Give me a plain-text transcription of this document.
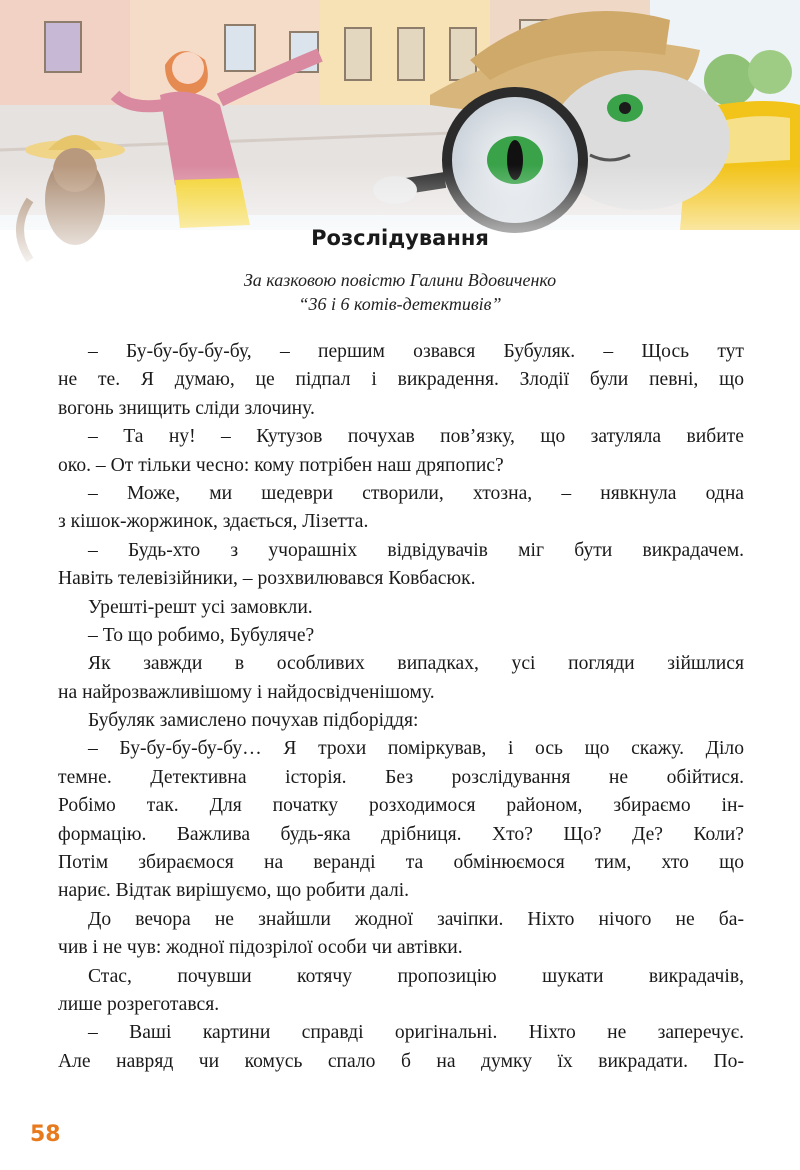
Розслідування
За казковою повістю Галини Вдовиченко
“36 і 6 котів-детективів”
– Бу-бу-бу-бу-бу, – першим озвався Бубуляк. – Щось тут
не те. Я думаю, це підпал і викрадення. Злодії були певні, що
вогонь знищить сліди злочину.
– Та ну! – Кутузов почухав пов’язку, що затуляла вибите
око. – От тільки чесно: кому потрібен наш дряпопис?
– Може, ми шедеври створили, хтозна, – нявкнула одна
з кішок-жоржинок, здається, Лізетта.
– Будь-хто з учорашніх відвідувачів міг бути викрадачем.
Навіть телевізійники, – розхвилювався Ковбасюк.
Урешті-решт усі замовкли.
– То що робимо, Бубуляче?
Як завжди в особливих випадках, усі погляди зійшлися
на найрозважливішому і найдосвідченішому.
Бубуляк замислено почухав підборіддя:
– Бу-бу-бу-бу-бу… Я трохи поміркував, і ось що скажу. Діло
темне. Детективна історія. Без розслідування не обійтися.
Робімо так. Для початку розходимося районом, збираємо ін-
формацію. Важлива будь-яка дрібниця. Хто? Що? Де? Коли?
Потім збираємося на веранді та обмінюємося тим, хто що
нариє. Відтак вирішуємо, що робити далі.
До вечора не знайшли жодної зачіпки. Ніхто нічого не ба-
чив і не чув: жодної підозрілої особи чи автівки.
Стас, почувши котячу пропозицію шукати викрадачів,
лише розреготався.
– Ваші картини справді оригінальні. Ніхто не заперечує.
Але навряд чи комусь спало б на думку їх викрадати. По-
58
